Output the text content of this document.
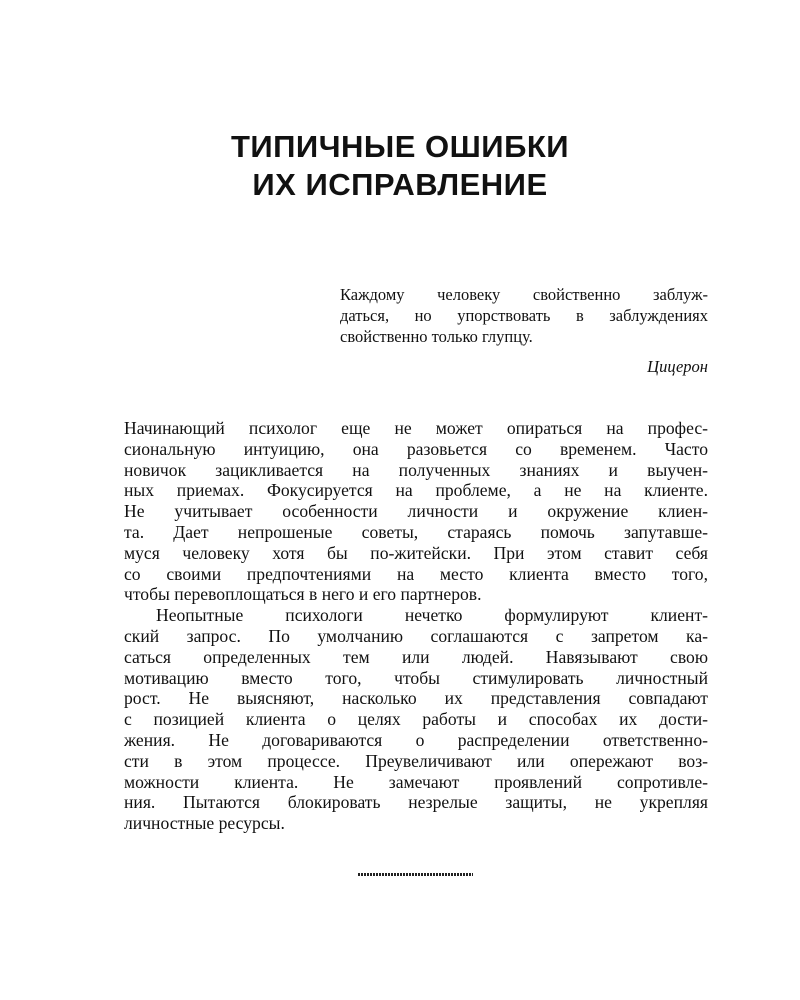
ТИПИЧНЫЕ ОШИБКИ
ИХ ИСПРАВЛЕНИЕ
Каждому человеку свойственно заблуж-
даться, но упорствовать в заблуждениях
свойственно только глупцу.
Цицерон
Начинающий психолог еще не может опираться на профес-
сиональную интуицию, она разовьется со временем. Часто
новичок зацикливается на полученных знаниях и выучен-
ных приемах. Фокусируется на проблеме, а не на клиенте.
Не учитывает особенности личности и окружение клиен-
та. Дает непрошеные советы, стараясь помочь запутавше-
муся человеку хотя бы по-житейски. При этом ставит себя
со своими предпочтениями на место клиента вместо того,
чтобы перевоплощаться в него и его партнеров.
Неопытные психологи нечетко формулируют клиент-
ский запрос. По умолчанию соглашаются с запретом ка-
саться определенных тем или людей. Навязывают свою
мотивацию вместо того, чтобы стимулировать личностный
рост. Не выясняют, насколько их представления совпадают
с позицией клиента о целях работы и способах их дости-
жения. Не договариваются о распределении ответственно-
сти в этом процессе. Преувеличивают или опережают воз-
можности клиента. Не замечают проявлений сопротивле-
ния. Пытаются блокировать незрелые защиты, не укрепляя
личностные ресурсы.
